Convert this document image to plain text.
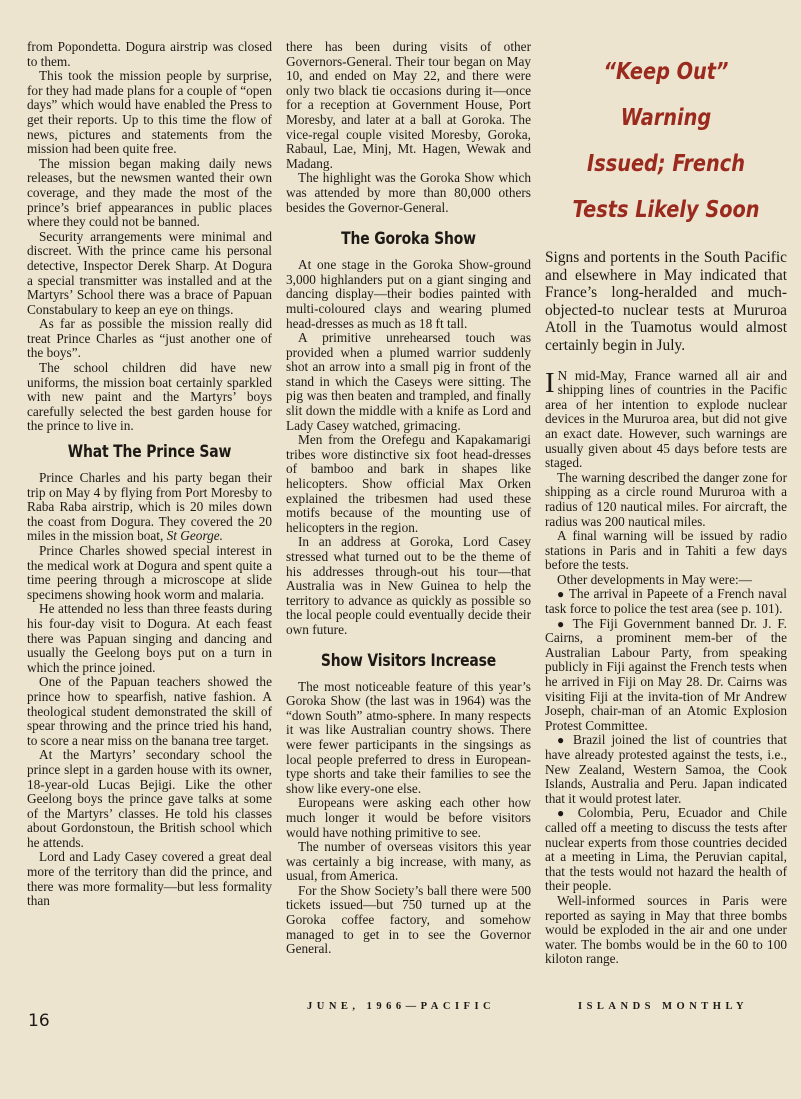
from Popondetta. Dogura airstrip was closed to them.

This took the mission people by surprise, for they had made plans for a couple of “open days” which would have enabled the Press to get their reports. Up to this time the flow of news, pictures and statements from the mission had been quite free.

The mission began making daily news releases, but the newsmen wanted their own coverage, and they made the most of the prince’s brief appearances in public places where they could not be banned.

Security arrangements were minimal and discreet. With the prince came his personal detective, Inspector Derek Sharp. At Dogura a special transmitter was installed and at the Martyrs’ School there was a brace of Papuan Constabulary to keep an eye on things.

As far as possible the mission really did treat Prince Charles as “just another one of the boys”.

The school children did have new uniforms, the mission boat certainly sparkled with new paint and the Martyrs’ boys carefully selected the best garden house for the prince to live in.

What The Prince Saw

Prince Charles and his party began their trip on May 4 by flying from Port Moresby to Raba Raba airstrip, which is 20 miles down the coast from Dogura. They covered the 20 miles in the mission boat, St George.

Prince Charles showed special interest in the medical work at Dogura and spent quite a time peering through a microscope at slide specimens showing hook worm and malaria.

He attended no less than three feasts during his four-day visit to Dogura. At each feast there was Papuan singing and dancing and usually the Geelong boys put on a turn in which the prince joined.

One of the Papuan teachers showed the prince how to spearfish, native fashion. A theological student demonstrated the skill of spear throwing and the prince tried his hand, to score a near miss on the banana tree target.

At the Martyrs’ secondary school the prince slept in a garden house with its owner, 18-year-old Lucas Bejigi. Like the other Geelong boys the prince gave talks at some of the Martyrs’ classes. He told his classes about Gordonstoun, the British school which he attends.

Lord and Lady Casey covered a great deal more of the territory than did the prince, and there was more formality—but less formality than

there has been during visits of other Governors-General. Their tour began on May 10, and ended on May 22, and there were only two black tie occasions during it—once for a reception at Government House, Port Moresby, and later at a ball at Goroka. The vice-regal couple visited Moresby, Goroka, Rabaul, Lae, Minj, Mt. Hagen, Wewak and Madang.

The highlight was the Goroka Show which was attended by more than 80,000 others besides the Governor-General.

The Goroka Show

At one stage in the Goroka Show-ground 3,000 highlanders put on a giant singing and dancing display—their bodies painted with multi-coloured clays and wearing plumed head-dresses as much as 18 ft tall.

A primitive unrehearsed touch was provided when a plumed warrior suddenly shot an arrow into a small pig in front of the stand in which the Caseys were sitting. The pig was then beaten and trampled, and finally slit down the middle with a knife as Lord and Lady Casey watched, grimacing.

Men from the Orefegu and Kapakamarigi tribes wore distinctive six foot head-dresses of bamboo and bark in shapes like helicopters. Show official Max Orken explained the tribesmen had used these motifs because of the mounting use of helicopters in the region.

In an address at Goroka, Lord Casey stressed what turned out to be the theme of his addresses through-out his tour—that Australia was in New Guinea to help the territory to advance as quickly as possible so the local people could eventually decide their own future.

Show Visitors Increase

The most noticeable feature of this year’s Goroka Show (the last was in 1964) was the “down South” atmo-sphere. In many respects it was like Australian country shows. There were fewer participants in the singsings as local people preferred to dress in European-type shorts and take their families to see the show like every-one else.

Europeans were asking each other how much longer it would be before visitors would have nothing primitive to see.

The number of overseas visitors this year was certainly a big increase, with many, as usual, from America.

For the Show Society’s ball there were 500 tickets issued—but 750 turned up at the Goroka coffee factory, and somehow managed to get in to see the Governor General.

“Keep Out” Warning
Issued; French
Tests Likely Soon

Signs and portents in the South Pacific and elsewhere in May indicated that France’s long-heralded and much-objected-to nuclear tests at Mururoa Atoll in the Tuamotus would almost certainly begin in July.

I N mid-May, France warned all air and shipping lines of countries in the Pacific area of her intention to explode nuclear devices in the Mururoa area, but did not give an exact date. However, such warnings are usually given about 45 days before tests are staged.

The warning described the danger zone for shipping as a circle round Mururoa with a radius of 120 nautical miles. For aircraft, the radius was 200 nautical miles.

A final warning will be issued by radio stations in Paris and in Tahiti a few days before the tests.

Other developments in May were:—

● The arrival in Papeete of a French naval task force to police the test area (see p. 101).

● The Fiji Government banned Dr. J. F. Cairns, a prominent mem-ber of the Australian Labour Party, from speaking publicly in Fiji against the French tests when he arrived in Fiji on May 28. Dr. Cairns was visiting Fiji at the invita-tion of Mr Andrew Joseph, chair-man of an Atomic Explosion Protest Committee.

● Brazil joined the list of countries that have already protested against the tests, i.e., New Zealand, Western Samoa, the Cook Islands, Australia and Peru. Japan indicated that it would protest later.

● Colombia, Peru, Ecuador and Chile called off a meeting to discuss the tests after nuclear experts from those countries decided at a meeting in Lima, the Peruvian capital, that the tests would not hazard the health of their people.

Well-informed sources in Paris were reported as saying in May that three bombs would be exploded in the air and one under water. The bombs would be in the 60 to 100 kiloton range.

16
JUNE, 1966—PACIFIC	ISLANDS MONTHLY
